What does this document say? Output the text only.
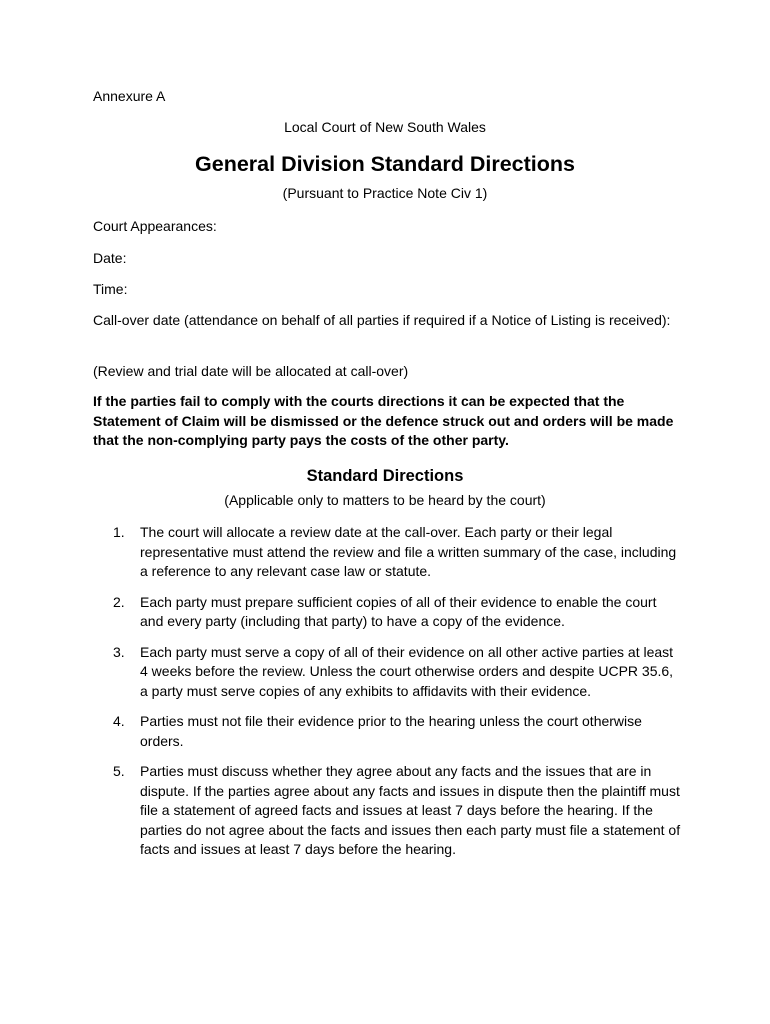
Annexure A
Local Court of New South Wales
General Division Standard Directions
(Pursuant to Practice Note Civ 1)
Court Appearances:
Date:
Time:
Call-over date (attendance on behalf of all parties if required if a Notice of Listing is received):
(Review and trial date will be allocated at call-over)
If the parties fail to comply with the courts directions it can be expected that the Statement of Claim will be dismissed or the defence struck out and orders will be made that the non-complying party pays the costs of the other party.
Standard Directions
(Applicable only to matters to be heard by the court)
1. The court will allocate a review date at the call-over. Each party or their legal representative must attend the review and file a written summary of the case, including a reference to any relevant case law or statute.
2. Each party must prepare sufficient copies of all of their evidence to enable the court and every party (including that party) to have a copy of the evidence.
3. Each party must serve a copy of all of their evidence on all other active parties at least 4 weeks before the review. Unless the court otherwise orders and despite UCPR 35.6, a party must serve copies of any exhibits to affidavits with their evidence.
4. Parties must not file their evidence prior to the hearing unless the court otherwise orders.
5. Parties must discuss whether they agree about any facts and the issues that are in dispute. If the parties agree about any facts and issues in dispute then the plaintiff must file a statement of agreed facts and issues at least 7 days before the hearing. If the parties do not agree about the facts and issues then each party must file a statement of facts and issues at least 7 days before the hearing.
